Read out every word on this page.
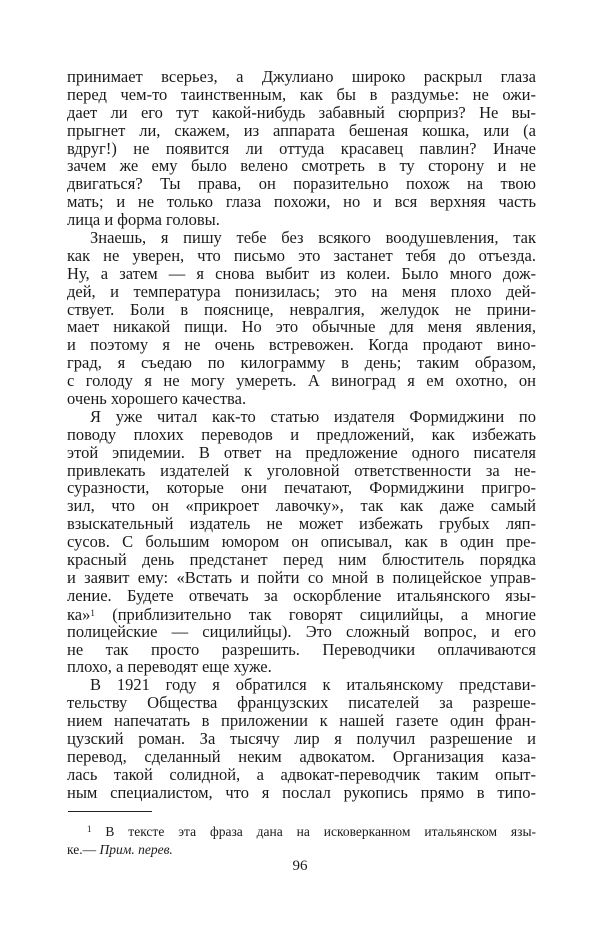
принимает всерьез, а Джулиано широко раскрыл глаза
перед чем-то таинственным, как бы в раздумье: не ожи-
дает ли его тут какой-нибудь забавный сюрприз? Не вы-
прыгнет ли, скажем, из аппарата бешеная кошка, или (а
вдруг!) не появится ли оттуда красавец павлин? Иначе
зачем же ему было велено смотреть в ту сторону и не
двигаться? Ты права, он поразительно похож на твою
мать; и не только глаза похожи, но и вся верхняя часть
лица и форма головы.
Знаешь, я пишу тебе без всякого воодушевления, так
как не уверен, что письмо это застанет тебя до отъезда.
Ну, а затем — я снова выбит из колеи. Было много дож-
дей, и температура понизилась; это на меня плохо дей-
ствует. Боли в пояснице, невралгия, желудок не прини-
мает никакой пищи. Но это обычные для меня явления,
и поэтому я не очень встревожен. Когда продают вино-
град, я съедаю по килограмму в день; таким образом,
с голоду я не могу умереть. А виноград я ем охотно, он
очень хорошего качества.
Я уже читал как-то статью издателя Формиджини по
поводу плохих переводов и предложений, как избежать
этой эпидемии. В ответ на предложение одного писателя
привлекать издателей к уголовной ответственности за не-
суразности, которые они печатают, Формиджини пригро-
зил, что он «прикроет лавочку», так как даже самый
взыскательный издатель не может избежать грубых ляп-
сусов. С большим юмором он описывал, как в один пре-
красный день предстанет перед ним блюститель порядка
и заявит ему: «Встать и пойти со мной в полицейское управ-
ление. Будете отвечать за оскорбление итальянского язы-
ка»$^1$ (приблизительно так говорят сицилийцы, а многие
полицейские — сицилийцы). Это сложный вопрос, и его
не так просто разрешить. Переводчики оплачиваются
плохо, а переводят еще хуже.
В 1921 году я обратился к итальянскому представи-
тельству Общества французских писателей за разреше-
нием напечатать в приложении к нашей газете один фран-
цузский роман. За тысячу лир я получил разрешение и
перевод, сделанный неким адвокатом. Организация каза-
лась такой солидной, а адвокат-переводчик таким опыт-
ным специалистом, что я послал рукопись прямо в типо-
$^1$ В тексте эта фраза дана на исковерканном итальянском язы-
ке.— Прим. перев.
96
